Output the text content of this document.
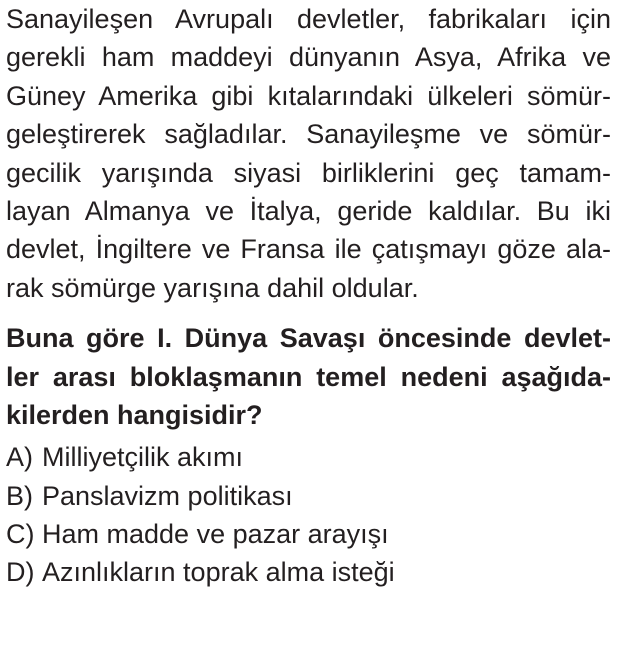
Sanayileşen Avrupalı devletler, fabrikaları için
gerekli ham maddeyi dünyanın Asya, Afrika ve
Güney Amerika gibi kıtalarındaki ülkeleri sömür-
geleştirerek sağladılar. Sanayileşme ve sömür-
gecilik yarışında siyasi birliklerini geç tamam-
layan Almanya ve İtalya, geride kaldılar. Bu iki
devlet, İngiltere ve Fransa ile çatışmayı göze ala-
rak sömürge yarışına dahil oldular.
Buna göre I. Dünya Savaşı öncesinde devlet-
ler arası bloklaşmanın temel nedeni aşağıda-
kilerden hangisidir?
A) Milliyetçilik akımı
B) Panslavizm politikası
C) Ham madde ve pazar arayışı
D) Azınlıkların toprak alma isteği
